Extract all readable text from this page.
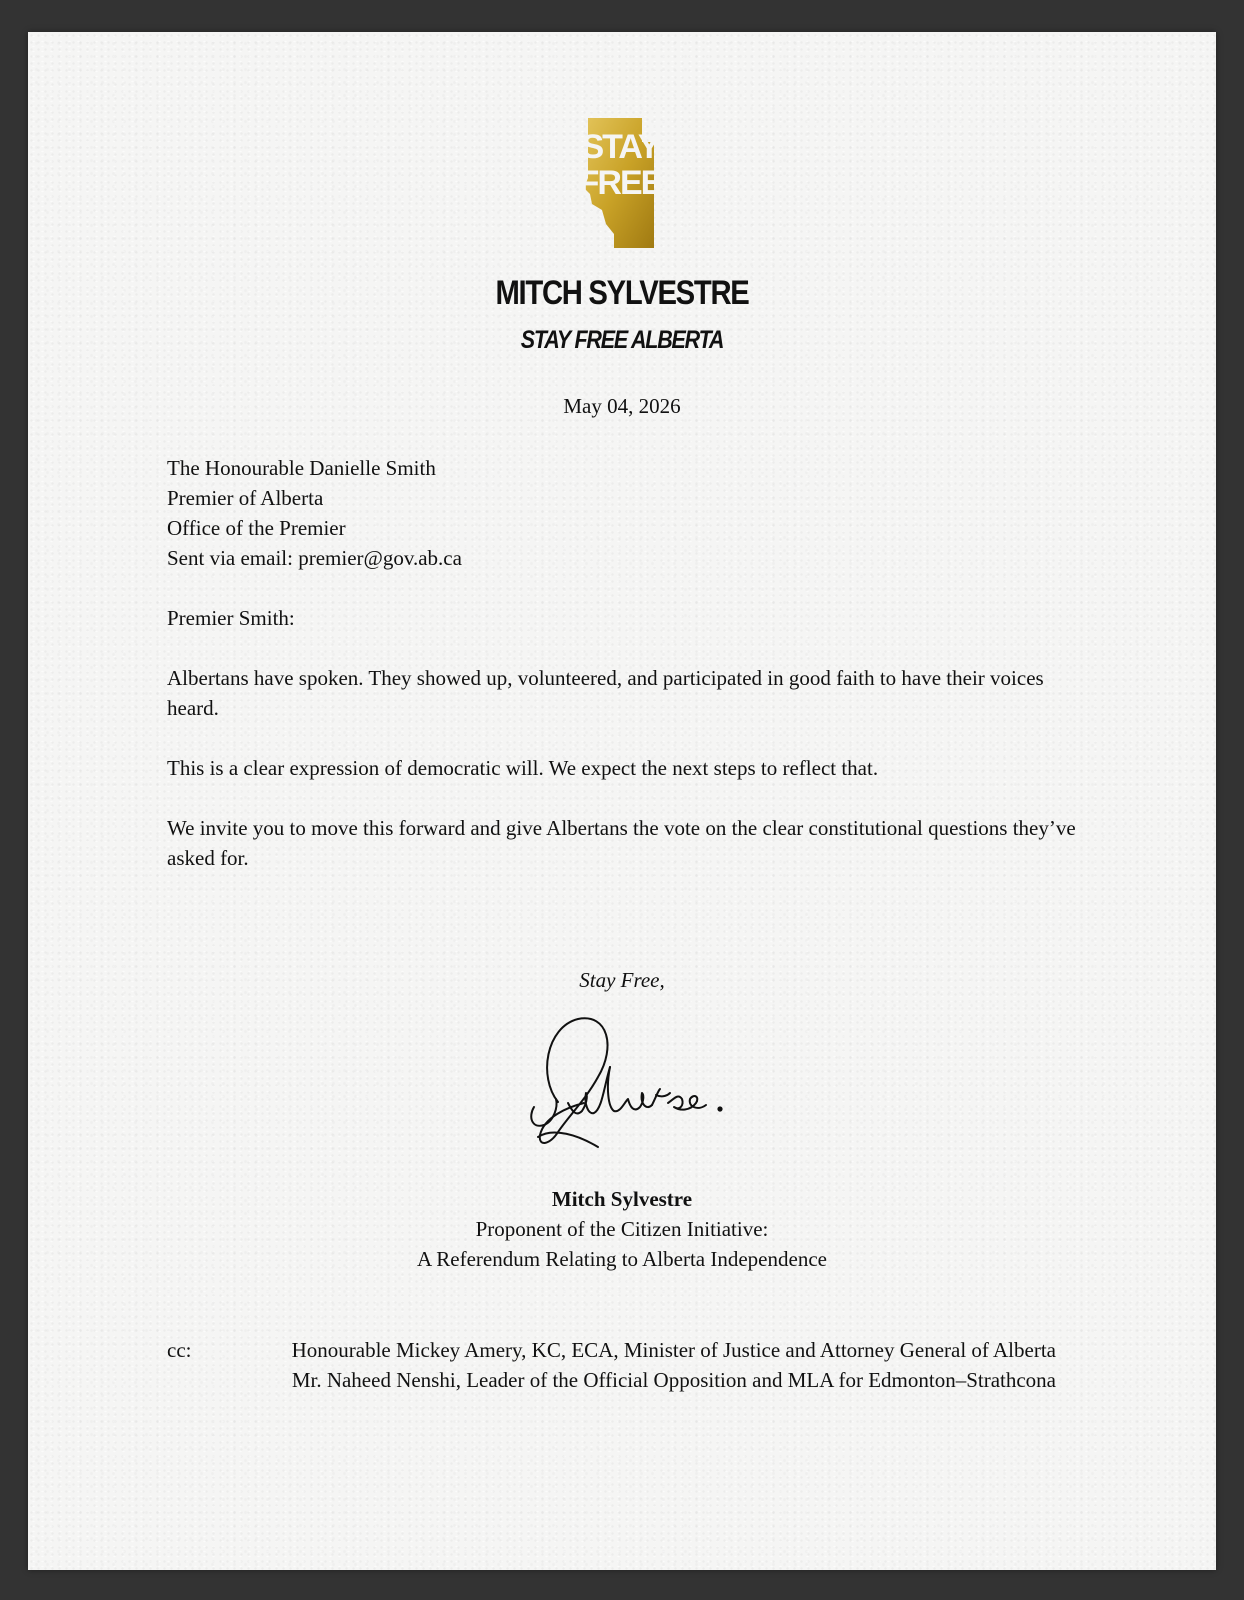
STAY
FREE
MITCH SYLVESTRE
STAY FREE ALBERTA
May 04, 2026

The Honourable Danielle Smith

Premier of Alberta

Office of the Premier

Sent via email: premier@gov.ab.ca

Premier Smith:
Albertans have spoken. They showed up, volunteered, and participated in good faith to have their voices heard.
This is a clear expression of democratic will. We expect the next steps to reflect that.
We invite you to move this forward and give Albertans the vote on the clear constitutional questions they’ve asked for.
Stay Free,
Mitch Sylvestre
Proponent of the Citizen Initiative:
A Referendum Relating to Alberta Independence
cc:	Honourable Mickey Amery, KC, ECA, Minister of Justice and Attorney General of Alberta
Mr. Naheed Nenshi, Leader of the Official Opposition and MLA for Edmonton–Strathcona
